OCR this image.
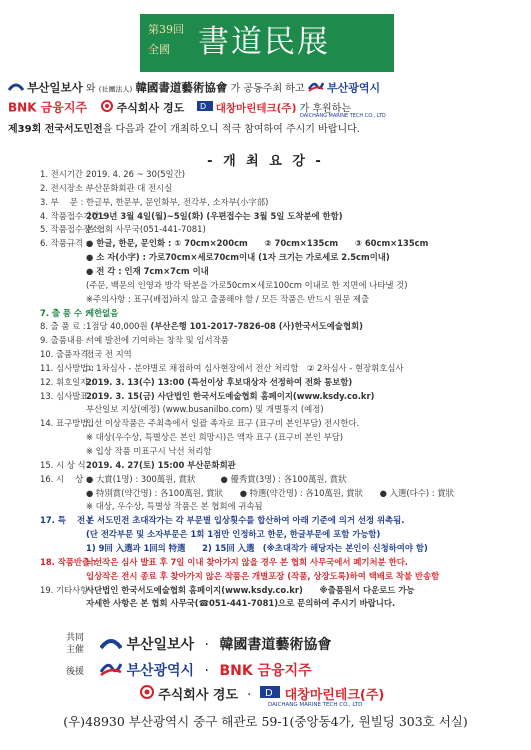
第39回
全國 書道民展
부산일보사 와 (社團法人) 韓國書道藝術協會 가 공동주최 하고 부산광역시
BNK 금융지주	주식회사 경도 D 대창마린테크(주) 가 후원하는
DAICHANG MARINE TECH CO., LTD
제39회 전국서도민전을 다음과 같이 개최하오니 적극 참여하여 주시기 바랍니다.
- 개 최 요 강 -
1. 전시기간 :2019. 4. 26 ~ 30(5일간)
2. 전시장소 :부산문화회관 대 전시실
3. 부　 문 : 한글부, 한문부, 문인화부, 전각부, 소자부(小字部)
4. 작품접수기간 :2019년 3월 4일(월)~5일(화) (우편접수는 3월 5일 도착분에 한함)
5. 작품접수장소 :본 협회 사무국(051-441-7081)
6. 작품규격 :● 한글, 한문, 문인화 : ① 70cm×200cm　　② 70cm×135cm　　③ 60cm×135cm
● 소 자(小字) : 가로70cm×세로70cm이내 (1자 크기는 가로세로 2.5cm이내)
● 전 각 : 인재 7cm×7cm 이내
(주문, 백문의 인영과 방각 탁본을 가로50cm×세로100cm 이내로 한 지면에 나타낼 것)
※주의사항 : 표구(배접)하지 않고 출품해야 함 / 모든 작품은 반드시 원문 제출
7. 출 품 수 :제한없음
8. 출 품 료 :1점당 40,000원 (부산은행 101-2017-7826-08 (사)한국서도예술협회)
9. 출품내용 :서예 발전에 기여하는 창작 및 임서작품
10. 출품자격 :전국 전 지역
11. 심사방법 :① 1차심사 - 분야별로 채점하여 심사현장에서 전산 처리함　② 2차심사 - 현장휘호심사
12. 휘호일자 :2019. 3. 13(수) 13:00 (특선이상 후보대상자 선정하여 전화 통보함)
13. 심사발표 :2019. 3. 15(금) 사단법인 한국서도예술협회 홈페이지(www.ksdy.co.kr)
부산일보 지상(예정) (www.busanilbo.com) 및 개별통지 (예정)
14. 표구방법 :입선 이상작품은 주최측에서 일괄 족자로 표구 (표구비 본인부담) 전시한다.
※ 대상(우수상, 특별상은 본인 희망시)은 액자 표구 (표구비 본인 부담)
※ 입상 작품 미표구시 낙선 처리함
15. 시 상 식 :2019. 4. 27(토) 15:00 부산문화회관
16. 시　 상 :● 大賞(1명) : 300萬원, 賞狀　　　● 優秀賞(3명) : 各100萬원, 賞狀
● 特別賞(약간명) : 各100萬원, 賞狀　　● 特選(약간명) : 各10萬원, 賞狀　　● 入選(다수) : 賞狀
※ 대상, 우수상, 특별상 작품은 본 협회에 귀속됨
17. 특　 전 :본 서도민전 초대작가는 각 부문별 입상횟수를 합산하여 아래 기준에 의거 선정 위촉됨.
(단 전각부문 및 소자부문은 1회 1점만 인정하고 한문, 한글부문에 포함 가능함)
1) 9回 入選과 1回의 特選　　2) 15回 入選　(※초대작가 해당자는 본인이 신청하여야 함)
18. 작품반출 :낙선작은 심사 발표 후 7일 이내 찾아가지 않을 경우 본 협회 사무국에서 폐기처분 한다.
입상작은 전시 종료 후 찾아가지 않은 작품은 개별포장 (작품, 상장도록)하여 택배로 착불 반송함
19. 기타사항 :사단법인 한국서도예술협회 홈페이지(www.ksdy.co.kr)　　※출품원서 다운로드 가능
자세한 사항은 본 협회 사무국(☎051-441-7081)으로 문의하여 주시기 바랍니다.
共同
主催	부산일보사 · 韓國書道藝術協會
後援	부산광역시 · BNK 금융지주
주식회사 경도 · D 대창마린테크(주)
DAICHANG MARINE TECH CO., LTD
(우)48930 부산광역시 중구 해관로 59-1(중앙동4가, 원빌딩 303호 서실)
